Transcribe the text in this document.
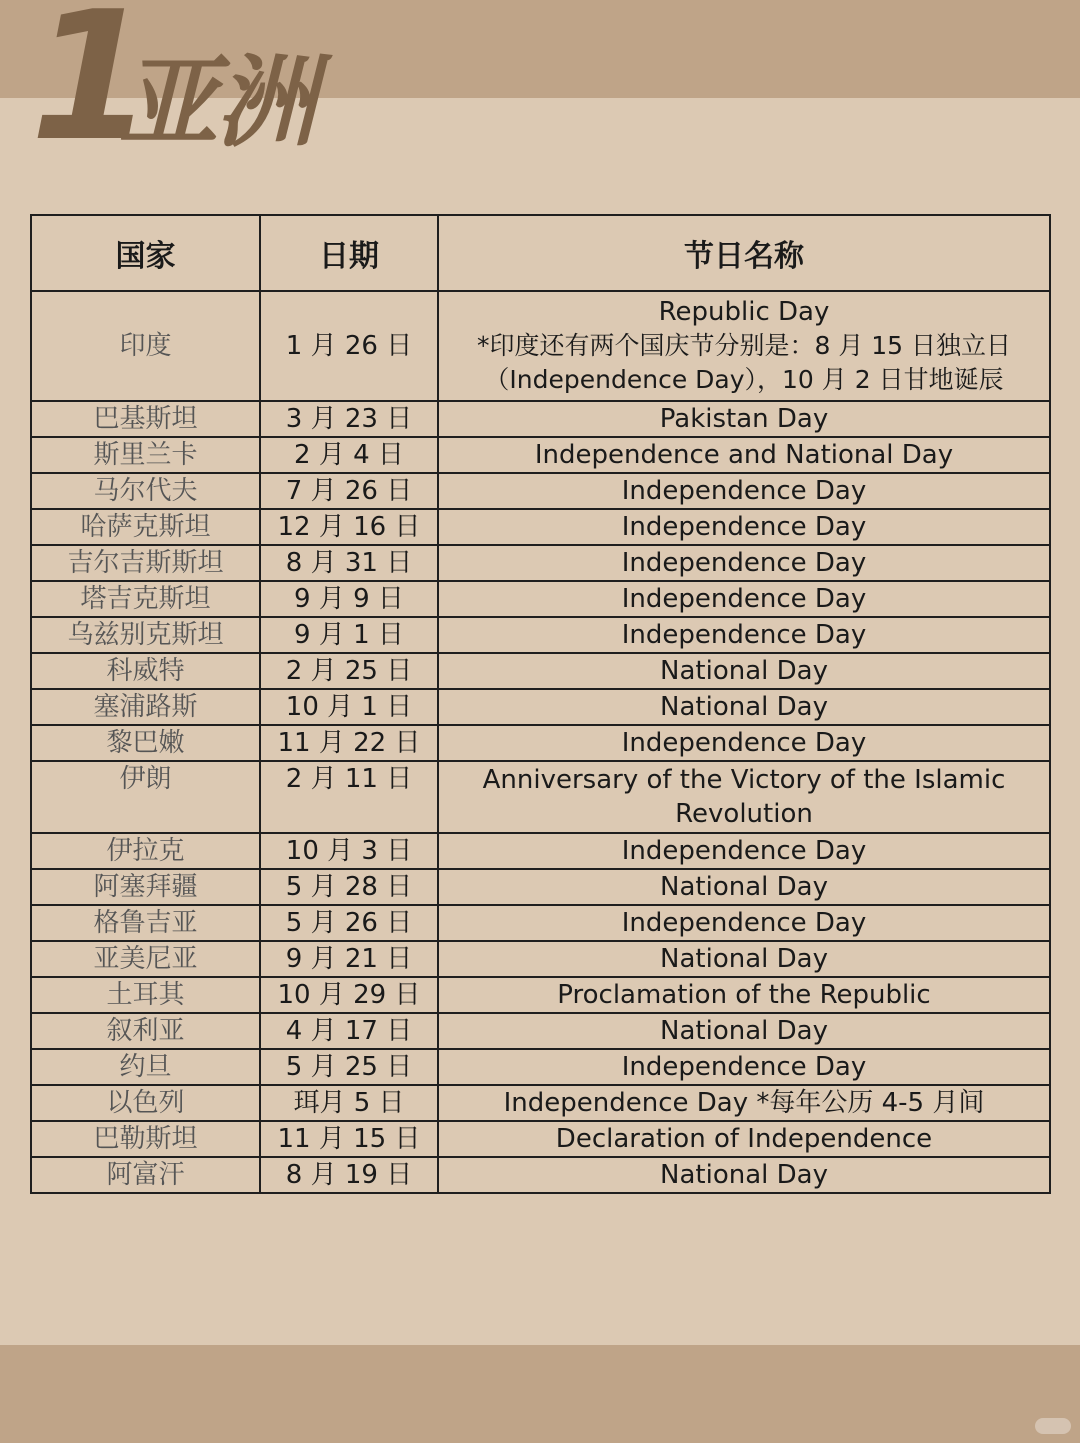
1
亚洲
国家	日期	节日名称
印度	1 月 26 日	Republic Day
*印度还有两个国庆节分别是：8 月 15 日独立日
（Independence Day），10 月 2 日甘地诞辰

巴基斯坦	3 月 23 日	Pakistan Day
斯里兰卡	2 月 4 日	Independence and National Day
马尔代夫	7 月 26 日	Independence Day
哈萨克斯坦	12 月 16 日	Independence Day
吉尔吉斯斯坦	8 月 31 日	Independence Day
塔吉克斯坦	9 月 9 日	Independence Day
乌兹别克斯坦	9 月 1 日	Independence Day
科威特	2 月 25 日	National Day
塞浦路斯	10 月 1 日	National Day
黎巴嫩	11 月 22 日	Independence Day
伊朗	2 月 11 日	Anniversary of the Victory of the Islamic
Revolution

伊拉克	10 月 3 日	Independence Day
阿塞拜疆	5 月 28 日	National Day
格鲁吉亚	5 月 26 日	Independence Day
亚美尼亚	9 月 21 日	National Day
土耳其	10 月 29 日	Proclamation of the Republic
叙利亚	4 月 17 日	National Day
约旦	5 月 25 日	Independence Day
以色列	珥月 5 日	Independence Day *每年公历 4-5 月间
巴勒斯坦	11 月 15 日	Declaration of Independence
阿富汗	8 月 19 日	National Day
